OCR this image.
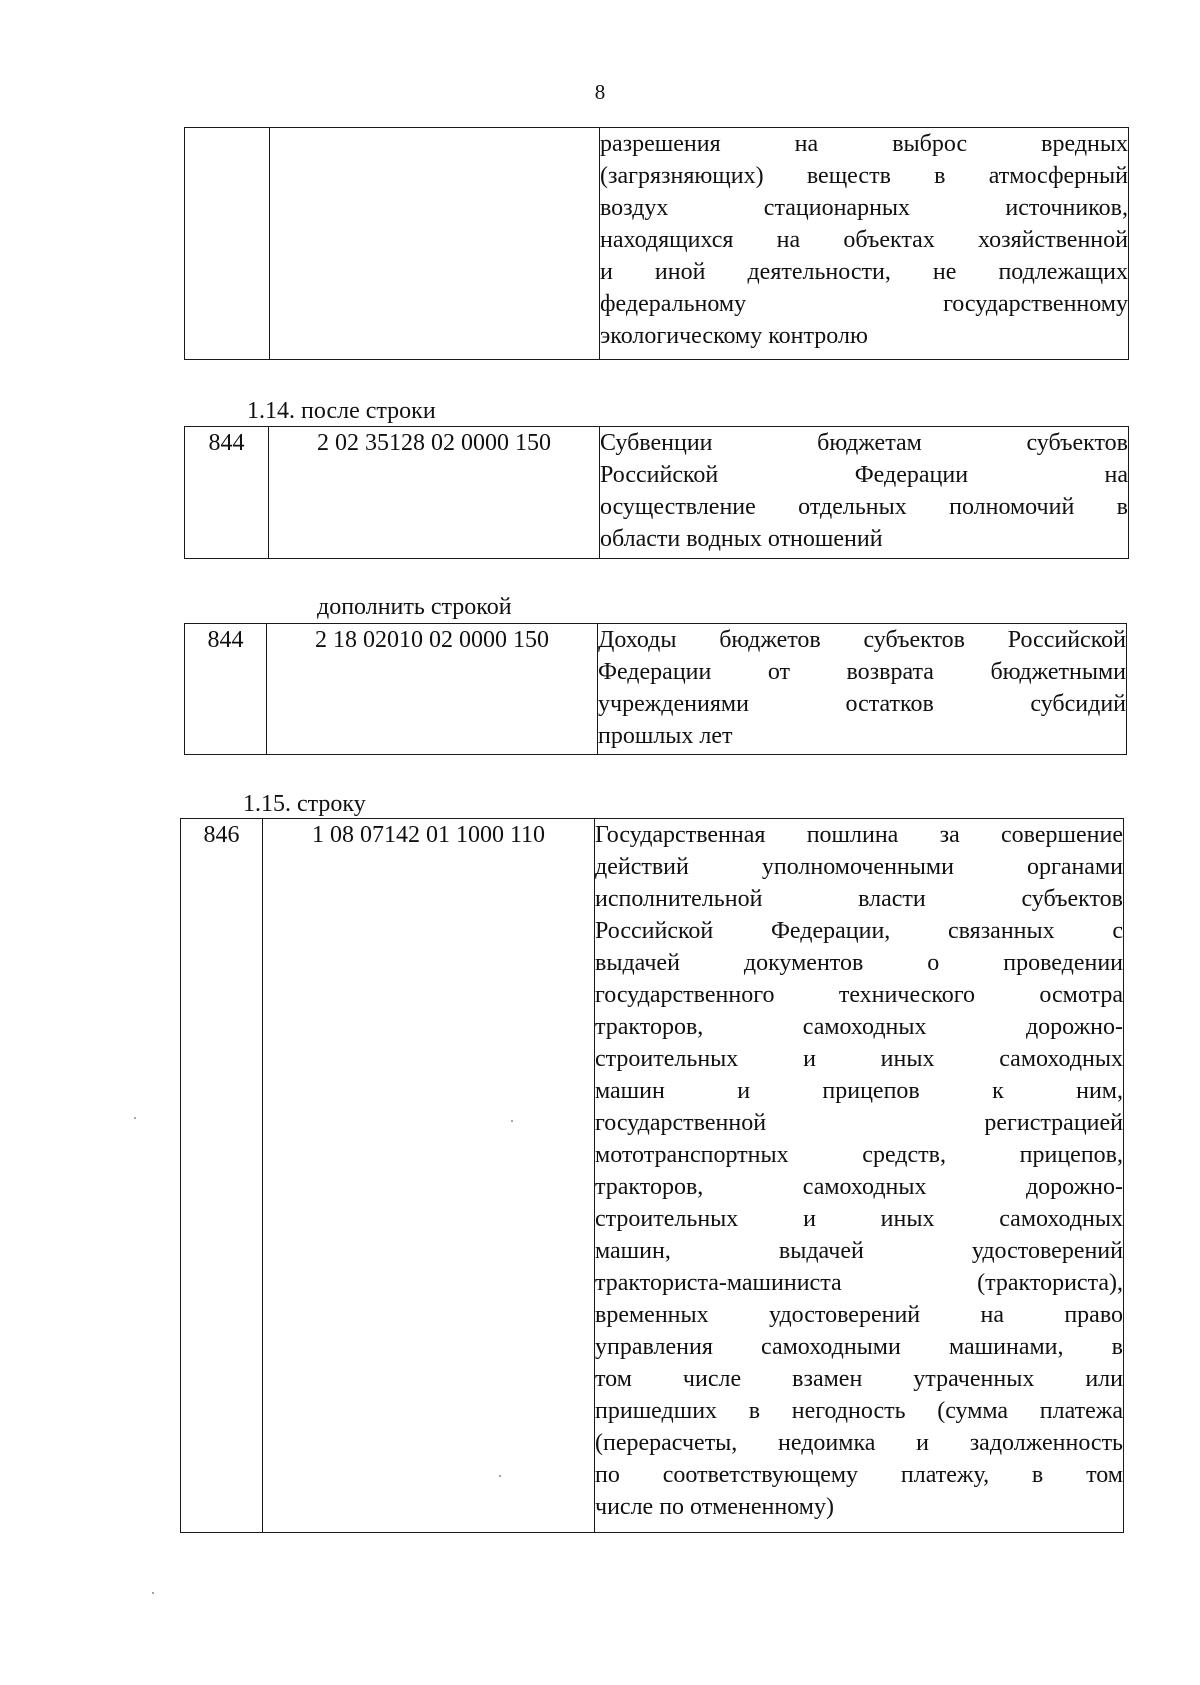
8

разрешения на выброс вредных
(загрязняющих) веществ в атмосферный
воздух стационарных источников,
находящихся на объектах хозяйственной
и иной деятельности, не подлежащих
федеральному государственному
экологическому контролю
1.14. после строки
844	2 02 35128 02 0000 150	Субвенции бюджетам субъектов
Российской Федерации на
осуществление отдельных полномочий в
области водных отношений
дополнить строкой
844	2 18 02010 02 0000 150	Доходы бюджетов субъектов Российской
Федерации от возврата бюджетными
учреждениями остатков субсидий
прошлых лет
1.15. строку
846	1 08 07142 01 1000 110	Государственная пошлина за совершение
действий уполномоченными органами
исполнительной власти субъектов
Российской Федерации, связанных с
выдачей документов о проведении
государственного технического осмотра
тракторов, самоходных дорожно-
строительных и иных самоходных
машин и прицепов к ним,
государственной регистрацией
мототранспортных средств, прицепов,
тракторов, самоходных дорожно-
строительных и иных самоходных
машин, выдачей удостоверений
тракториста-машиниста (тракториста),
временных удостоверений на право
управления самоходными машинами, в
том числе взамен утраченных или
пришедших в негодность (сумма платежа
(перерасчеты, недоимка и задолженность
по соответствующему платежу, в том
числе по отмененному)
